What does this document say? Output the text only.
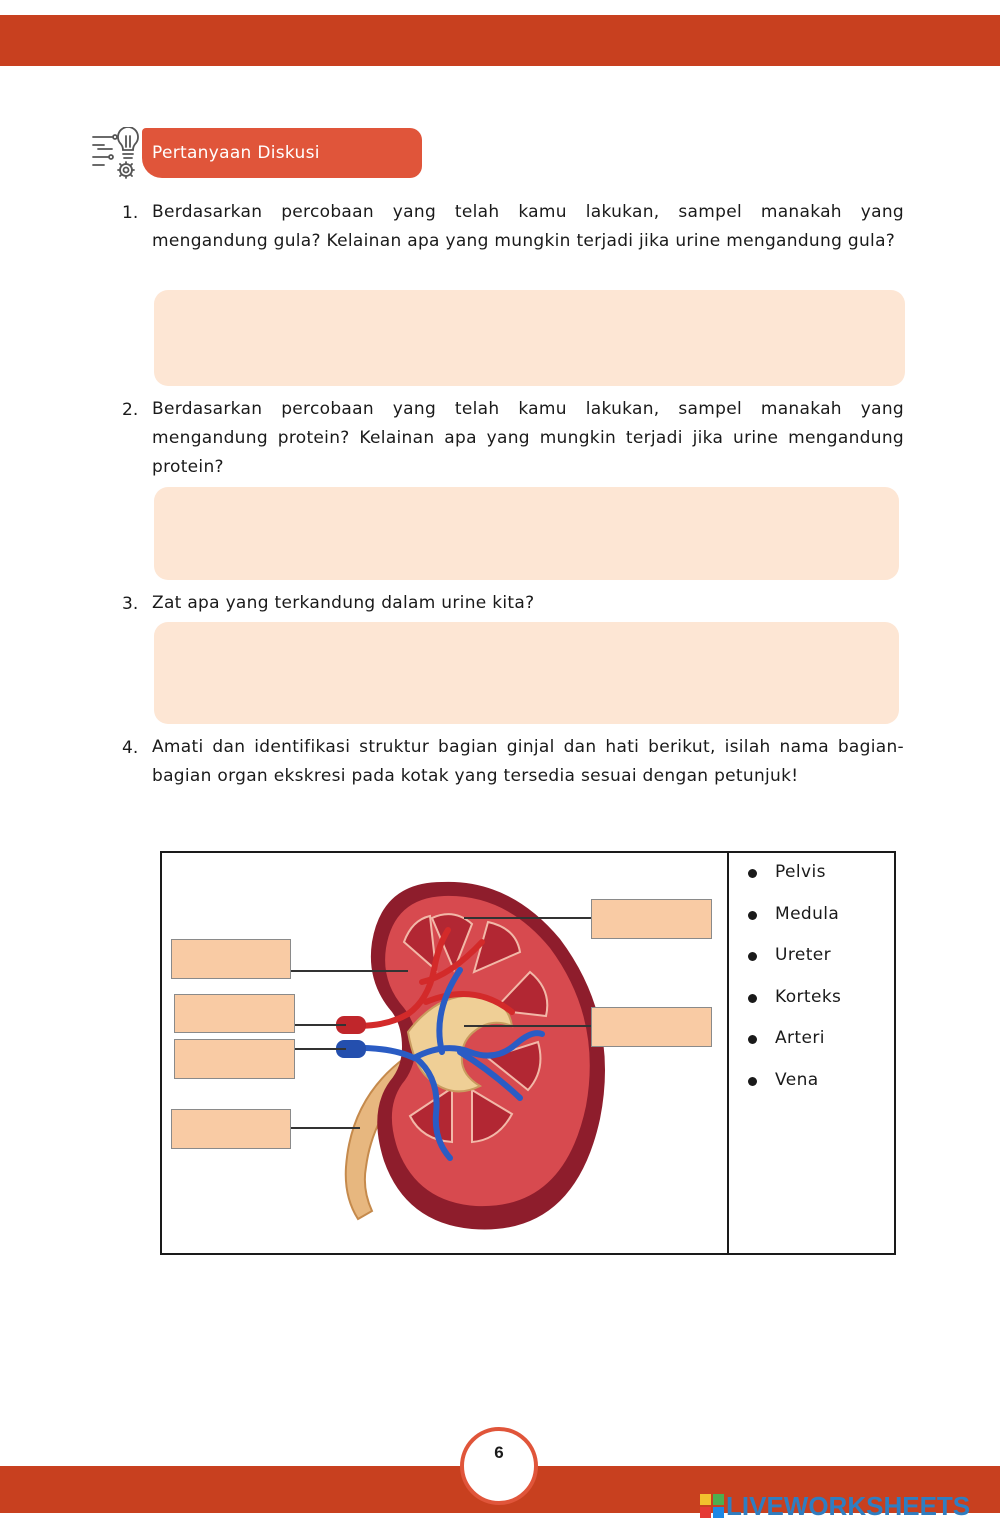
Pertanyaan Diskusi
1. Berdasarkan percobaan yang telah kamu lakukan, sampel manakah yang mengandung gula? Kelainan apa yang mungkin terjadi jika urine mengandung gula?
2. Berdasarkan percobaan yang telah kamu lakukan, sampel manakah yang mengandung protein? Kelainan apa yang mungkin terjadi jika urine mengandung protein?
3. Zat apa yang terkandung dalam urine kita?
4. Amati dan identifikasi struktur bagian ginjal dan hati berikut, isilah nama bagian-bagian organ ekskresi pada kotak yang tersedia sesuai dengan petunjuk!
Pelvis
Medula
Ureter
Korteks
Arteri
Vena
6
LIVEWORKSHEETS
